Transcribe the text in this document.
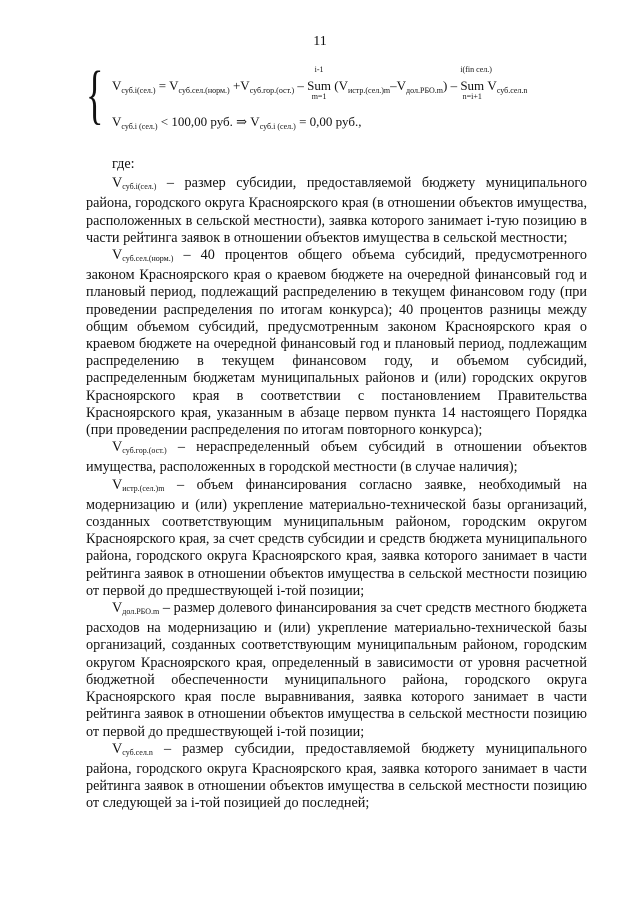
11
{ $V_{суб.i(сел.)} = V_{суб.сел.(норм.)} +V_{суб.гор.(ост.)}$ –
i-1
Sum
m=1
$(V_{истр.(сел.)m}-V_{дол.РБО.m})$ –
i(fin сел.)
Sum
n=i+1
$V_{суб.сел.n}$
$V_{суб.i (сел.)} < 100,00$ руб. ⇒ $V_{суб.i (сел.)} = 0,00$ руб.,

где:

Vсуб.i(сел.) – размер субсидии, предоставляемой бюджету муниципального района, городского округа Красноярского края (в отношении объектов имущества, расположенных в сельской местности), заявка которого занимает i-тую позицию в части рейтинга заявок в отношении объектов имущества в сельской местности;

Vсуб.сел.(норм.) – 40 процентов общего объема субсидий, предусмотренного законом Красноярского края о краевом бюджете на очередной финансовый год и плановый период, подлежащий распределению в текущем финансовом году (при проведении распределения по итогам конкурса); 40 процентов разницы между общим объемом субсидий, предусмотренным законом Красноярского края о краевом бюджете на очередной финансовый год и плановый период, подлежащим распределению в текущем финансовом году, и объемом субсидий, распределенным бюджетам муниципальных районов и (или) городских округов Красноярского края в соответствии с постановлением Правительства Красноярского края, указанным в абзаце первом пункта 14 настоящего Порядка (при проведении распределения по итогам повторного конкурса);

Vсуб.гор.(ост.) – нераспределенный объем субсидий в отношении объектов имущества, расположенных в городской местности (в случае наличия);

Vистр.(сел.)m – объем финансирования согласно заявке, необходимый на модернизацию и (или) укрепление материально-технической базы организаций, созданных соответствующим муниципальным районом, городским округом Красноярского края, за счет средств субсидии и средств бюджета муниципального района, городского округа Красноярского края, заявка которого занимает в части рейтинга заявок в отношении объектов имущества в сельской местности позицию от первой до предшествующей i-той позиции;

Vдол.РБО.m – размер долевого финансирования за счет средств местного бюджета расходов на модернизацию и (или) укрепление материально-технической базы организаций, созданных соответствующим муниципальным районом, городским округом Красноярского края, определенный в зависимости от уровня расчетной бюджетной обеспеченности муниципального района, городского округа Красноярского края после выравнивания, заявка которого занимает в части рейтинга заявок в отношении объектов имущества в сельской местности позицию от первой до предшествующей i-той позиции;

Vсуб.сел.n – размер субсидии, предоставляемой бюджету муниципального района, городского округа Красноярского края, заявка которого занимает в части рейтинга заявок в отношении объектов имущества в сельской местности позицию от следующей за i-той позицией до последней;
